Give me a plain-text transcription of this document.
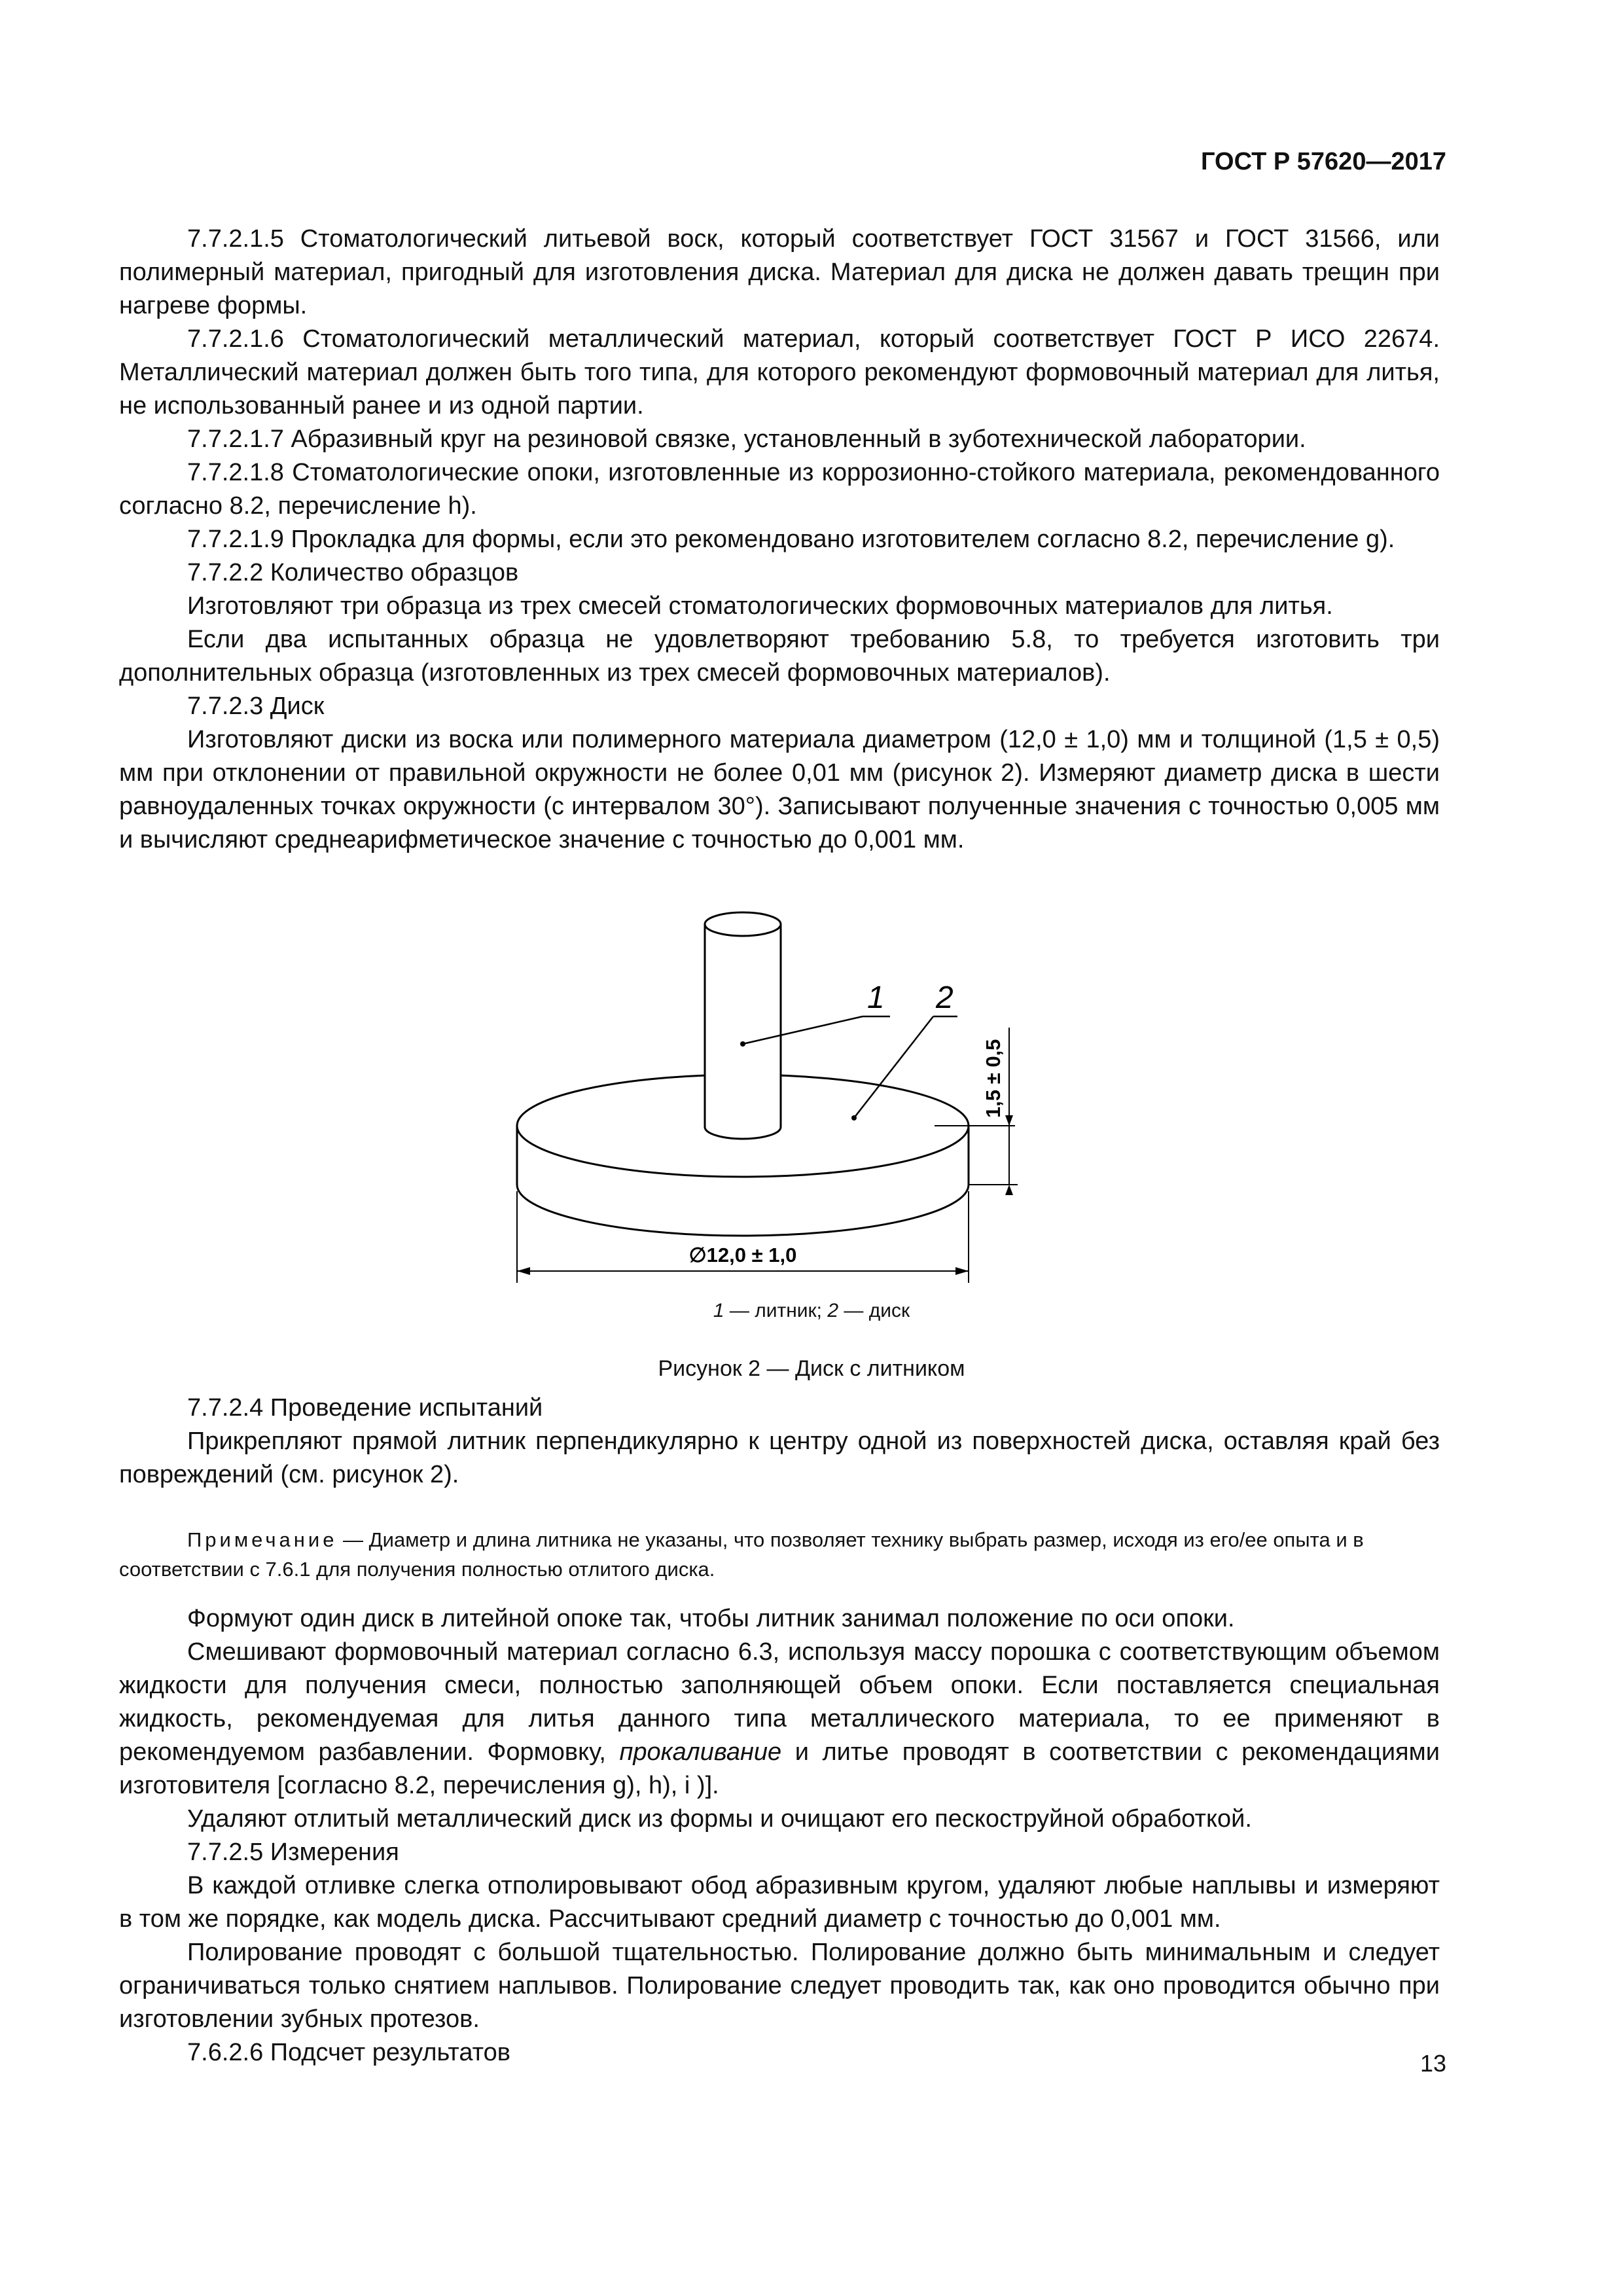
ГОСТ Р 57620—2017

7.7.2.1.5 Стоматологический литьевой воск, который соответствует ГОСТ 31567 и ГОСТ 31566, или полимерный материал, пригодный для изготовления диска. Материал для диска не должен давать трещин при нагреве формы.

7.7.2.1.6 Стоматологический металлический материал, который соответствует ГОСТ Р ИСО 22674. Металлический материал должен быть того типа, для которого рекомендуют формовочный материал для литья, не использованный ранее и из одной партии.

7.7.2.1.7 Абразивный круг на резиновой связке, установленный в зуботехнической лаборатории.

7.7.2.1.8 Стоматологические опоки, изготовленные из коррозионно-стойкого материала, рекомендованного согласно 8.2, перечисление h).

7.7.2.1.9 Прокладка для формы, если это рекомендовано изготовителем согласно 8.2, перечисление g).

7.7.2.2 Количество образцов

Изготовляют три образца из трех смесей стоматологических формовочных материалов для литья.

Если два испытанных образца не удовлетворяют требованию 5.8, то требуется изготовить три дополнительных образца (изготовленных из трех смесей формовочных материалов).

7.7.2.3 Диск

Изготовляют диски из воска или полимерного материала диаметром (12,0 ± 1,0) мм и толщиной (1,5 ± 0,5) мм при отклонении от правильной окружности не более 0,01 мм (рисунок 2). Измеряют диаметр диска в шести равноудаленных точках окружности (с интервалом 30°). Записывают полученные значения с точностью 0,005 мм и вычисляют среднеарифметическое значение с точностью до 0,001 мм.

1 2
1,5 ± 0,5
∅12,0 ± 1,0
1 — литник; 2 — диск
Рисунок 2 — Диск с литником

7.7.2.4 Проведение испытаний

Прикрепляют прямой литник перпендикулярно к центру одной из поверхностей диска, оставляя край без повреждений (см. рисунок 2).

Примечание — Диаметр и длина литника не указаны, что позволяет технику выбрать размер, исходя из его/ее опыта и в соответствии с 7.6.1 для получения полностью отлитого диска.

Формуют один диск в литейной опоке так, чтобы литник занимал положение по оси опоки.

Смешивают формовочный материал согласно 6.3, используя массу порошка с соответствующим объемом жидкости для получения смеси, полностью заполняющей объем опоки. Если поставляется специальная жидкость, рекомендуемая для литья данного типа металлического материала, то ее применяют в рекомендуемом разбавлении. Формовку, прокаливание и литье проводят в соответствии с рекомендациями изготовителя [согласно 8.2, перечисления g), h), i )].

Удаляют отлитый металлический диск из формы и очищают его пескоструйной обработкой.

7.7.2.5 Измерения

В каждой отливке слегка отполировывают обод абразивным кругом, удаляют любые наплывы и измеряют в том же порядке, как модель диска. Рассчитывают средний диаметр с точностью до 0,001 мм.

Полирование проводят с большой тщательностью. Полирование должно быть минимальным и следует ограничиваться только снятием наплывов. Полирование следует проводить так, как оно проводится обычно при изготовлении зубных протезов.

7.6.2.6 Подсчет результатов	13
